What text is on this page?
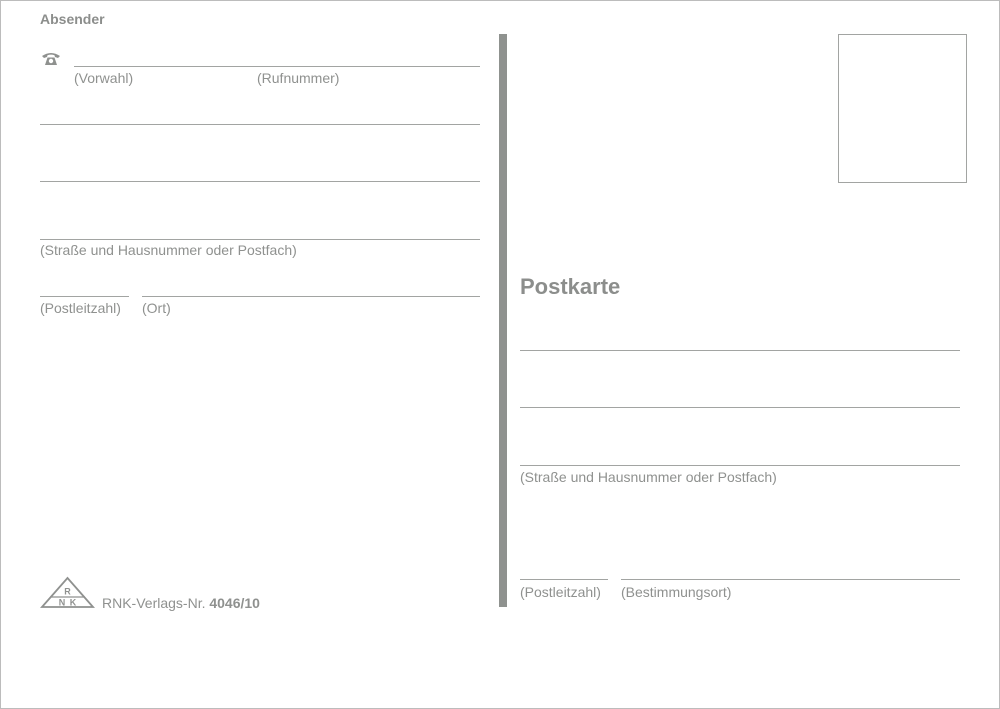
Absender
(Vorwahl)	(Rufnummer)
(Straße und Hausnummer oder Postfach)
(Postleitzahl) (Ort)
R
N K RNK-Verlags-Nr. 4046/10
Postkarte
(Straße und Hausnummer oder Postfach)
(Postleitzahl) (Bestimmungsort)
